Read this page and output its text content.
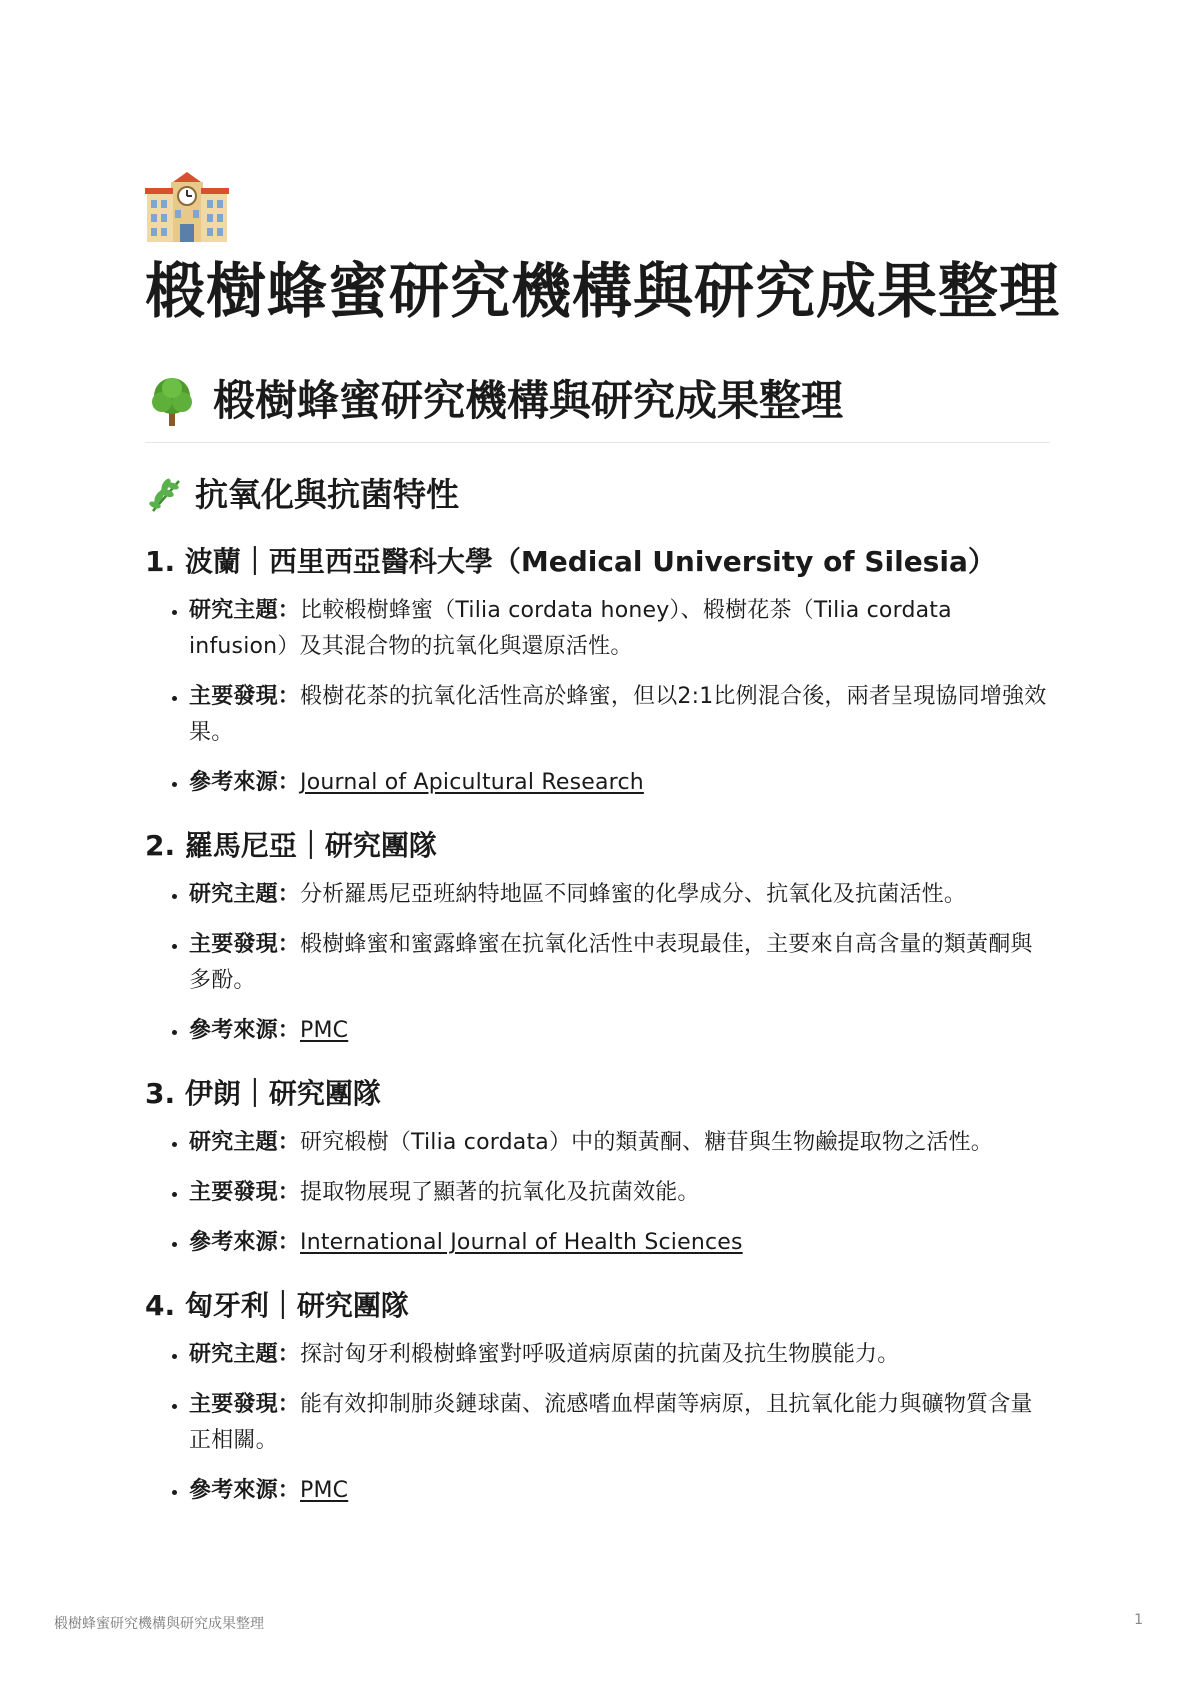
椴樹蜂蜜研究機構與研究成果整理
椴樹蜂蜜研究機構與研究成果整理
抗氧化與抗菌特性
1. 波蘭｜西里西亞醫科大學（Medical University of Silesia）
• 研究主題：比較椴樹蜂蜜（Tilia cordata honey）、椴樹花茶（Tilia cordata infusion）及其混合物的抗氧化與還原活性。
• 主要發現：椴樹花茶的抗氧化活性高於蜂蜜，但以2:1比例混合後，兩者呈現協同增強效果。
• 參考來源：Journal of Apicultural Research
2. 羅馬尼亞｜研究團隊
• 研究主題：分析羅馬尼亞班納特地區不同蜂蜜的化學成分、抗氧化及抗菌活性。
• 主要發現：椴樹蜂蜜和蜜露蜂蜜在抗氧化活性中表現最佳，主要來自高含量的類黃酮與多酚。
• 參考來源：PMC
3. 伊朗｜研究團隊
• 研究主題：研究椴樹（Tilia cordata）中的類黃酮、糖苷與生物鹼提取物之活性。
• 主要發現：提取物展現了顯著的抗氧化及抗菌效能。
• 參考來源：International Journal of Health Sciences
4. 匈牙利｜研究團隊
• 研究主題：探討匈牙利椴樹蜂蜜對呼吸道病原菌的抗菌及抗生物膜能力。
• 主要發現：能有效抑制肺炎鏈球菌、流感嗜血桿菌等病原，且抗氧化能力與礦物質含量正相關。
• 參考來源：PMC
椴樹蜂蜜研究機構與研究成果整理	1
